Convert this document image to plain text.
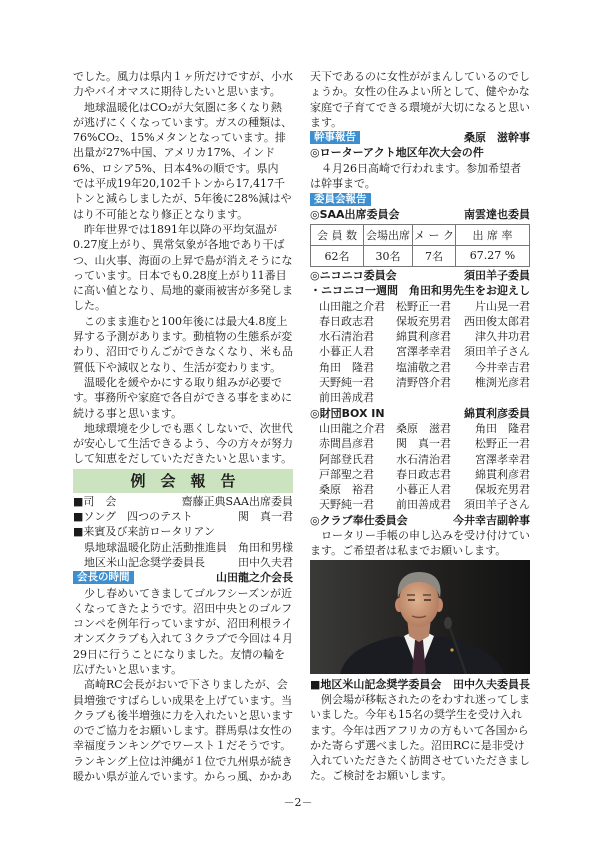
でした。風力は県内１ヶ所だけですが、小水
力やバイオマスに期待したいと思います。
　地球温暖化はCO₂が大気圏に多くなり熱
が逃げにくくなっています。ガスの種類は、
76%CO₂、15%メタンとなっています。排
出量が27%中国、アメリカ17%、インド
6%、ロシア5%、日本4%の順です。県内
では平成19年20,102千トンから17,417千
トンと減らしましたが、5年後に28%減はや
はり不可能となり修正となります。
　昨年世界では1891年以降の平均気温が
0.27度上がり、異常気象が各地であり干ば
つ、山火事、海面の上昇で島が消えそうにな
っています。日本でも0.28度上がり11番目
に高い値となり、局地的豪雨被害が多発しま
した。
　このまま進むと100年後には最大4.8度上
昇する予測があります。動植物の生態系が変
わり、沼田でりんごができなくなり、米も品
質低下や減収となり、生活が変わります。
　温暖化を緩やかにする取り組みが必要で
す。事務所や家庭で各自ができる事をまめに
続ける事と思います。
　地球環境を少しでも悪くしないで、次世代
が安心して生活できるよう、今の方々が努力
して知恵をだしていただきたいと思います。
例　会　報　告
■司　会	齋藤正典SAA出席委員
■ソング　四つのテスト	関　真一君
■来賓及び来訪ロータリアン
　県地球温暖化防止活動推進員 角田和男様
　地区米山記念奨学委員長	田中久夫君
会長の時間	山田龍之介会長
　少し春めいてきましてゴルフシーズンが近
くなってきたようです。沼田中央とのゴルフ
コンペを例年行っていますが、沼田利根ライ
オンズクラブも入れて３クラブで今回は４月
29日に行うことになりました。友情の輪を
広げたいと思います。
　高崎RC会長がおいで下さりましたが、会
員増強ですばらしい成果を上げています。当
クラブも後半増強に力を入れたいと思います
のでご協力をお願いします。群馬県は女性の
幸福度ランキングでワースト１だそうです。
ランキング上位は沖縄が１位で九州県が続き
暖かい県が並んでいます。からっ風、かかあ
天下であるのに女性ががまんしているのでし
ょうか。女性の住みよい所として、健やかな
家庭で子育てできる環境が大切になると思い
ます。
幹事報告	桑原　滋幹事
◎ローターアクト地区年次大会の件
　４月26日高崎で行われます。参加希望者
は幹事まで。
委員会報告
◎SAA出席委員会	南雲達也委員
会 員 数	会場出席	メ ー ク	出 席 率
62名	30名	7名	67.27 %
◎ニコニコ委員会	須田羊子委員
・ニコニコ一週間　角田和男先生をお迎えし
山田龍之介君	松野正一君	片山晃一君
春日政志君	保坂充男君	西田俊太郎君
水石清治君	綿貫利彦君	津久井功君
小暮正人君	宮澤孝幸君	須田羊子さん
角田　隆君	塩浦敬之君	今井幸吉君
天野純一君	清野啓介君	椎渕光彦君
前田善成君
◎財団BOX IN	綿貫利彦委員
山田龍之介君	桑原　滋君	角田　隆君
赤間昌彦君	関　真一君	松野正一君
阿部登氏君	水石清治君	宮澤孝幸君
戸部聖之君	春日政志君	綿貫利彦君
桑原　裕君	小暮正人君	保坂充男君
天野純一君	前田善成君	須田羊子さん
◎クラブ奉仕委員会	今井幸吉副幹事
　ロータリー手帳の申し込みを受け付けてい
ます。ご希望者は私までお願いします。
■地区米山記念奨学委員会 田中久夫委員長
　例会場が移転されたのをわすれ迷ってしま
いました。今年も15名の奨学生を受け入れ
ます。今年は西アフリカの方もいて各国から
かた寄らず選べました。沼田RCに是非受け
入れていただきたく訪問させていただきまし
た。ご検討をお願いします。
－2－
